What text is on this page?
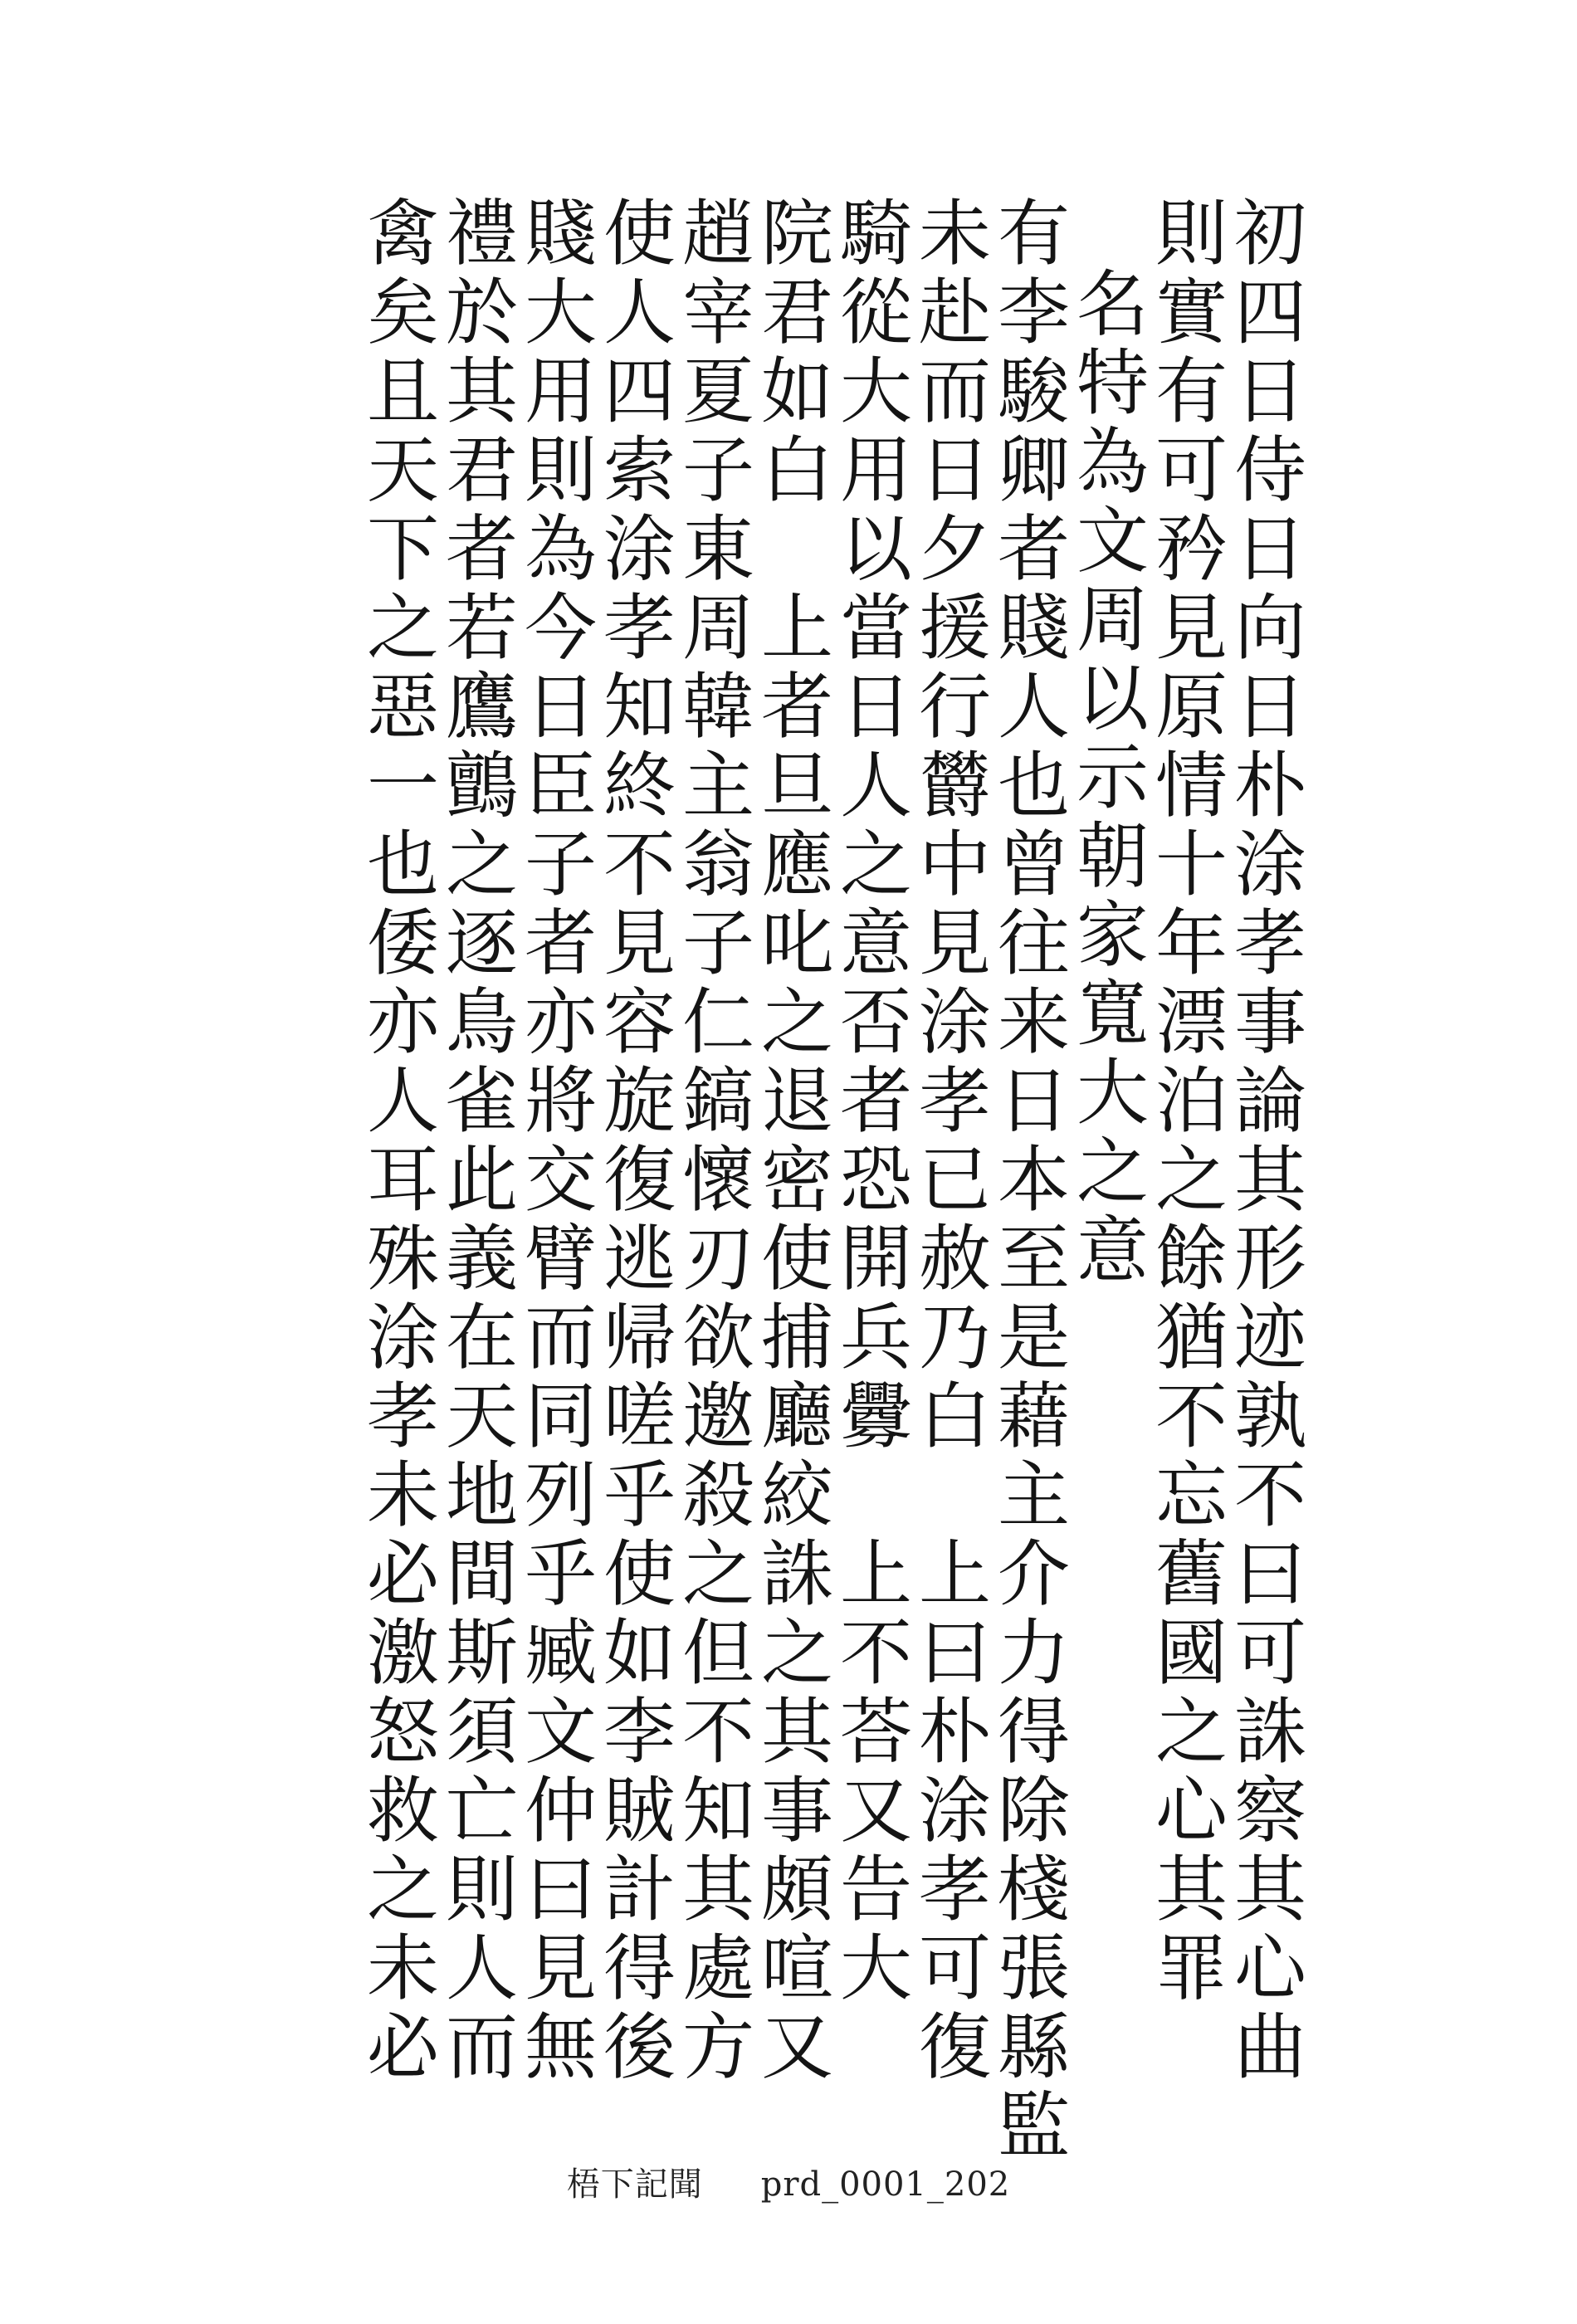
初四日侍日向日朴涂孝事論其形迹孰不曰可誅察其心曲
則實有可矜見原情十年漂泊之餘猶不忘舊國之心其罪
名特為文周以示朝家寬大之意
有李駿卿者賤人也曾往来日本至是藉主介力得除棧張縣監
未赴而日夕援行欝中見涂孝已赦乃白　上曰朴涂孝可復
騎從大用以當日人之意否者恐開兵釁　上不荅又告大
院君如白　上者旦應叱之退密使捕廳絞誅之其事頗喧又
趙宰夏子東周韓主翁子仁鎬懷刃欲邀殺之但不知其處方
使人四索涂孝知終不見容旋復逃帰嗟乎使如李賊計得後
賤大用則為今日臣子者亦將交臂而同列乎臧文仲曰見無
禮於其君者若鷹鸇之逐鳥雀此義在天地間斯須亡則人而
禽矣且天下之惡一也倭亦人耳殊涂孝未必激怒救之未必
梧下記聞 prd_0001_202
